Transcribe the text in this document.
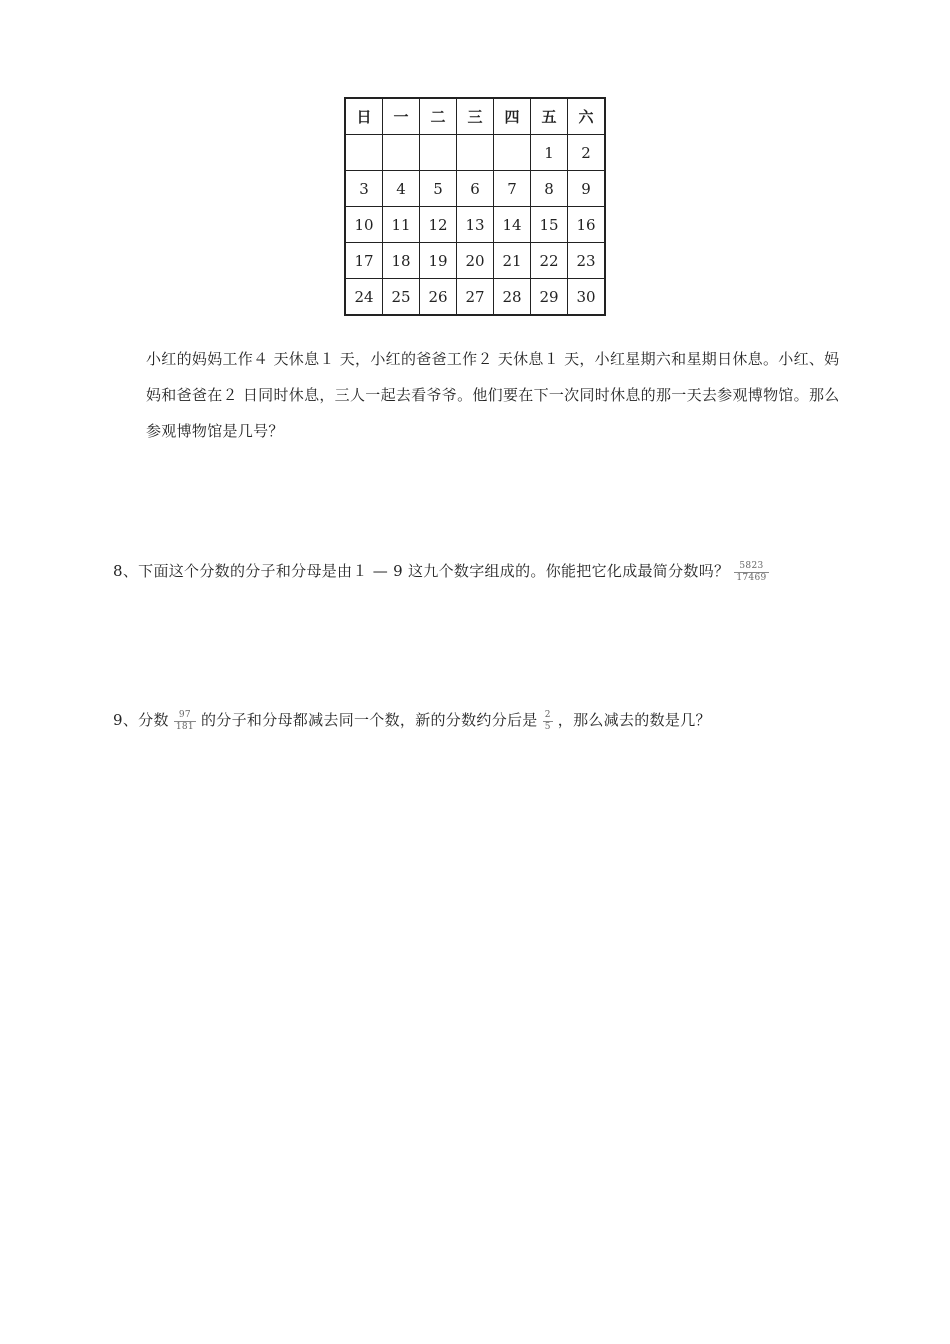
日	一	二	三	四	五	六
					1	2
3	4	5	6	7	8	9
10	11	12	13	14	15	16
17	18	19	20	21	22	23
24	25	26	27	28	29	30
小红的妈妈工作４ 天休息１ 天，小红的爸爸工作２ 天休息１ 天，小红星期六和星期日休息。小红、妈妈和爸爸在２ 日同时休息，三人一起去看爷爷。他们要在下一次同时休息的那一天去参观博物馆。那么参观博物馆是几号？
8、下面这个分数的分子和分母是由１ — 9 这九个数字组成的。你能把它化成最简分数吗？ $\frac{5823}{17469}$
9、分数 $\frac{97}{181}$ 的分子和分母都减去同一个数，新的分数约分后是 $\frac{2}{5}$ ，那么减去的数是几？
